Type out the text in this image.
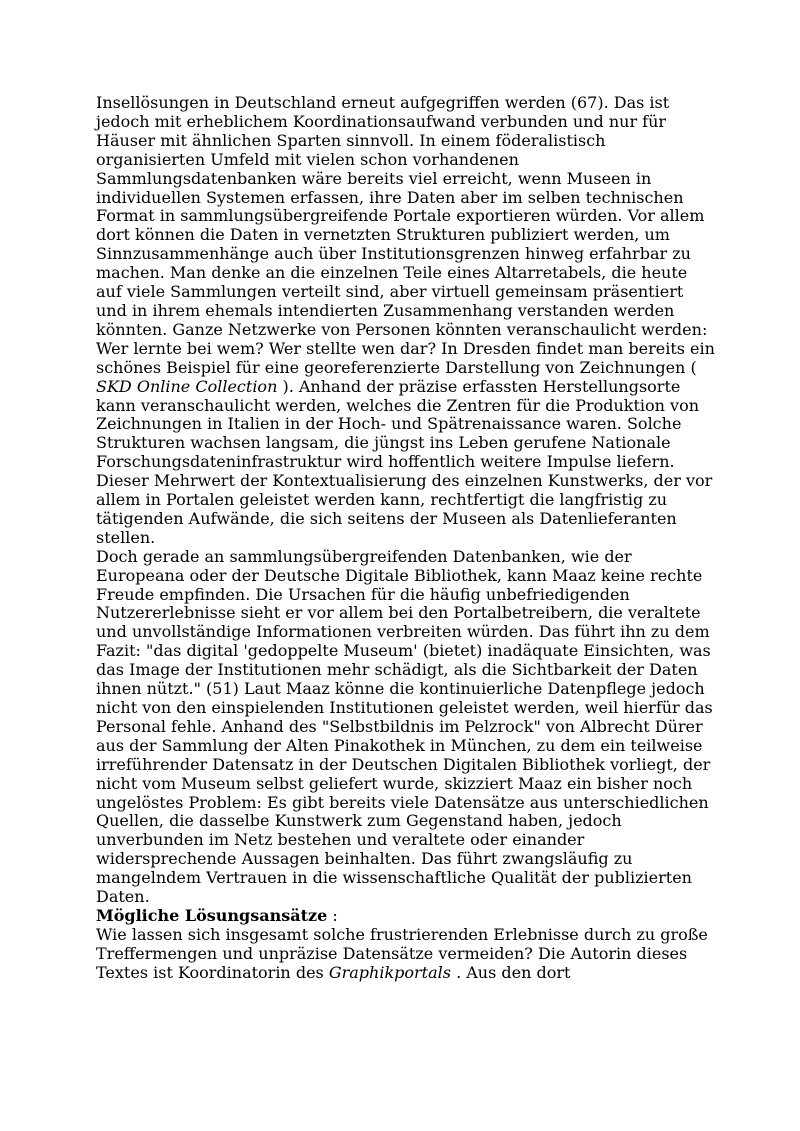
Insellösungen in Deutschland erneut aufgegriffen werden (67). Das ist jedoch mit erheblichem Koordinationsaufwand verbunden und nur für Häuser mit ähnlichen Sparten sinnvoll. In einem föderalistisch organisierten Umfeld mit vielen schon vorhandenen Sammlungsdatenbanken wäre bereits viel erreicht, wenn Museen in individuellen Systemen erfassen, ihre Daten aber im selben technischen Format in sammlungsübergreifende Portale exportieren würden. Vor allem dort können die Daten in vernetzten Strukturen publiziert werden, um Sinnzusammenhänge auch über Institutionsgrenzen hinweg erfahrbar zu machen. Man denke an die einzelnen Teile eines Altarretabels, die heute auf viele Sammlungen verteilt sind, aber virtuell gemeinsam präsentiert und in ihrem ehemals intendierten Zusammenhang verstanden werden könnten. Ganze Netzwerke von Personen könnten veranschaulicht werden: Wer lernte bei wem? Wer stellte wen dar? In Dresden findet man bereits ein schönes Beispiel für eine georeferenzierte Darstellung von Zeichnungen ( SKD Online Collection ). Anhand der präzise erfassten Herstellungsorte kann veranschaulicht werden, welches die Zentren für die Produktion von Zeichnungen in Italien in der Hoch- und Spätrenaissance waren. Solche Strukturen wachsen langsam, die jüngst ins Leben gerufene Nationale Forschungsdateninfrastruktur wird hoffentlich weitere Impulse liefern. Dieser Mehrwert der Kontextualisierung des einzelnen Kunstwerks, der vor allem in Portalen geleistet werden kann, rechtfertigt die langfristig zu tätigenden Aufwände, die sich seitens der Museen als Datenlieferanten stellen.

Doch gerade an sammlungsübergreifenden Datenbanken, wie der Europeana oder der Deutsche Digitale Bibliothek, kann Maaz keine rechte Freude empfinden. Die Ursachen für die häufig unbefriedigenden Nutzererlebnisse sieht er vor allem bei den Portalbetreibern, die veraltete und unvollständige Informationen verbreiten würden. Das führt ihn zu dem Fazit: "das digital 'gedoppelte Museum' (bietet) inadäquate Einsichten, was das Image der Institutionen mehr schädigt, als die Sichtbarkeit der Daten ihnen nützt." (51) Laut Maaz könne die kontinuierliche Datenpflege jedoch nicht von den einspielenden Institutionen geleistet werden, weil hierfür das Personal fehle. Anhand des "Selbstbildnis im Pelzrock" von Albrecht Dürer aus der Sammlung der Alten Pinakothek in München, zu dem ein teilweise irreführender Datensatz in der Deutschen Digitalen Bibliothek vorliegt, der nicht vom Museum selbst geliefert wurde, skizziert Maaz ein bisher noch ungelöstes Problem: Es gibt bereits viele Datensätze aus unterschiedlichen Quellen, die dasselbe Kunstwerk zum Gegenstand haben, jedoch unverbunden im Netz bestehen und veraltete oder einander widersprechende Aussagen beinhalten. Das führt zwangsläufig zu mangelndem Vertrauen in die wissenschaftliche Qualität der publizierten Daten.

Mögliche Lösungsansätze :

Wie lassen sich insgesamt solche frustrierenden Erlebnisse durch zu große Treffermengen und unpräzise Datensätze vermeiden? Die Autorin dieses Textes ist Koordinatorin des Graphikportals . Aus den dort
